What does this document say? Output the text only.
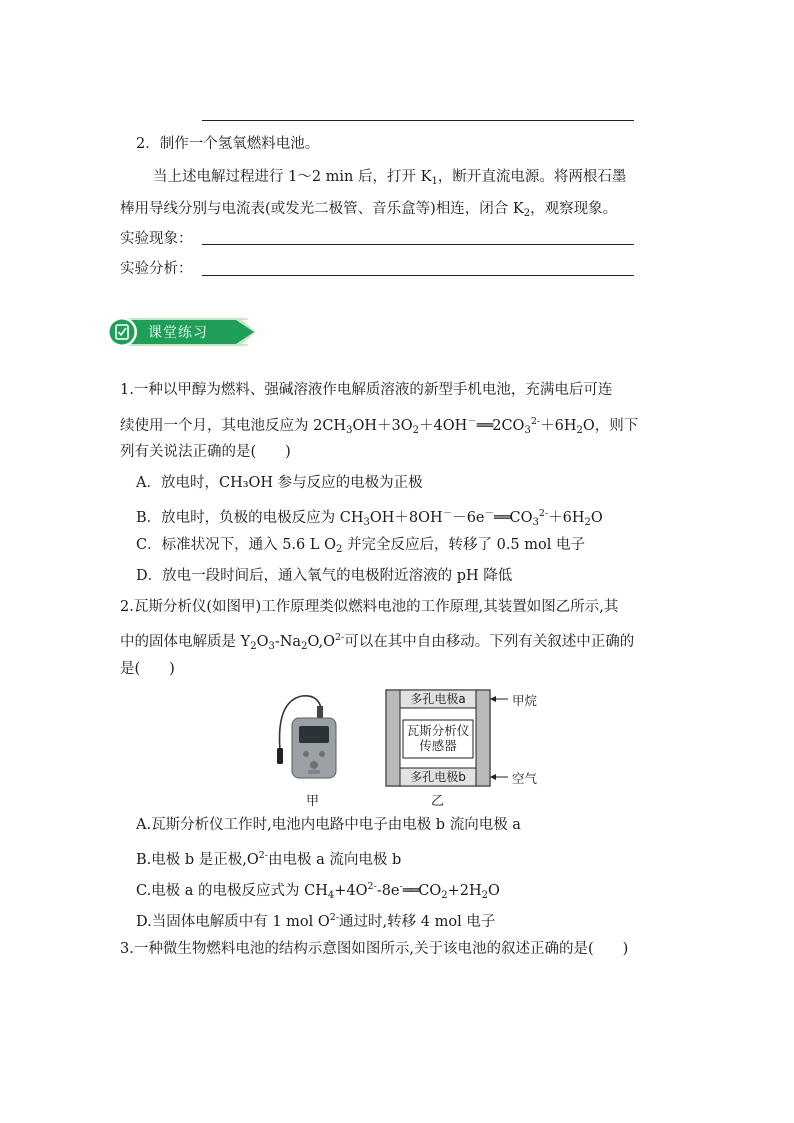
2．制作一个氢氧燃料电池。
当上述电解过程进行 1～2 min 后，打开 $K_1$，断开直流电源。将两根石墨
棒用导线分别与电流表(或发光二极管、音乐盒等)相连，闭合 $K_2$，观察现象。
实验现象：
实验分析：
课堂练习
1.一种以甲醇为燃料、强碱溶液作电解质溶液的新型手机电池，充满电后可连
续使用一个月，其电池反应为 $2CH_3OH+3O_2+4OH^-══2CO_3^{2-}+6H_2O$，则下
列有关说法正确的是(　　)
A．放电时，CH₃OH 参与反应的电极为正极
B．放电时，负极的电极反应为 $CH_3OH+8OH^--6e^-══CO_3^{2-}+6H_2O$
C．标准状况下，通入 5.6 L $O_2$ 并完全反应后，转移了 0.5 mol 电子
D．放电一段时间后，通入氧气的电极附近溶液的 pH 降低
2.瓦斯分析仪(如图甲)工作原理类似燃料电池的工作原理,其装置如图乙所示,其
中的固体电解质是 $Y_2O_3-Na_2O,O^{2-}$可以在其中自由移动。下列有关叙述中正确的
是(　　)
多孔电极a
瓦斯分析仪
传感器
多孔电极b
甲烷
空气
甲	乙
A.瓦斯分析仪工作时,电池内电路中电子由电极 b 流向电极 a
B.电极 b 是正极$,O^{2-}$由电极 a 流向电极 b
C.电极 a 的电极反应式为 $CH_4+4O^{2-}-8e^-══CO_2+2H_2O$
D.当固体电解质中有 1 mol $O^{2-}$通过时,转移 4 mol 电子
3.一种微生物燃料电池的结构示意图如图所示,关于该电池的叙述正确的是(　　)
